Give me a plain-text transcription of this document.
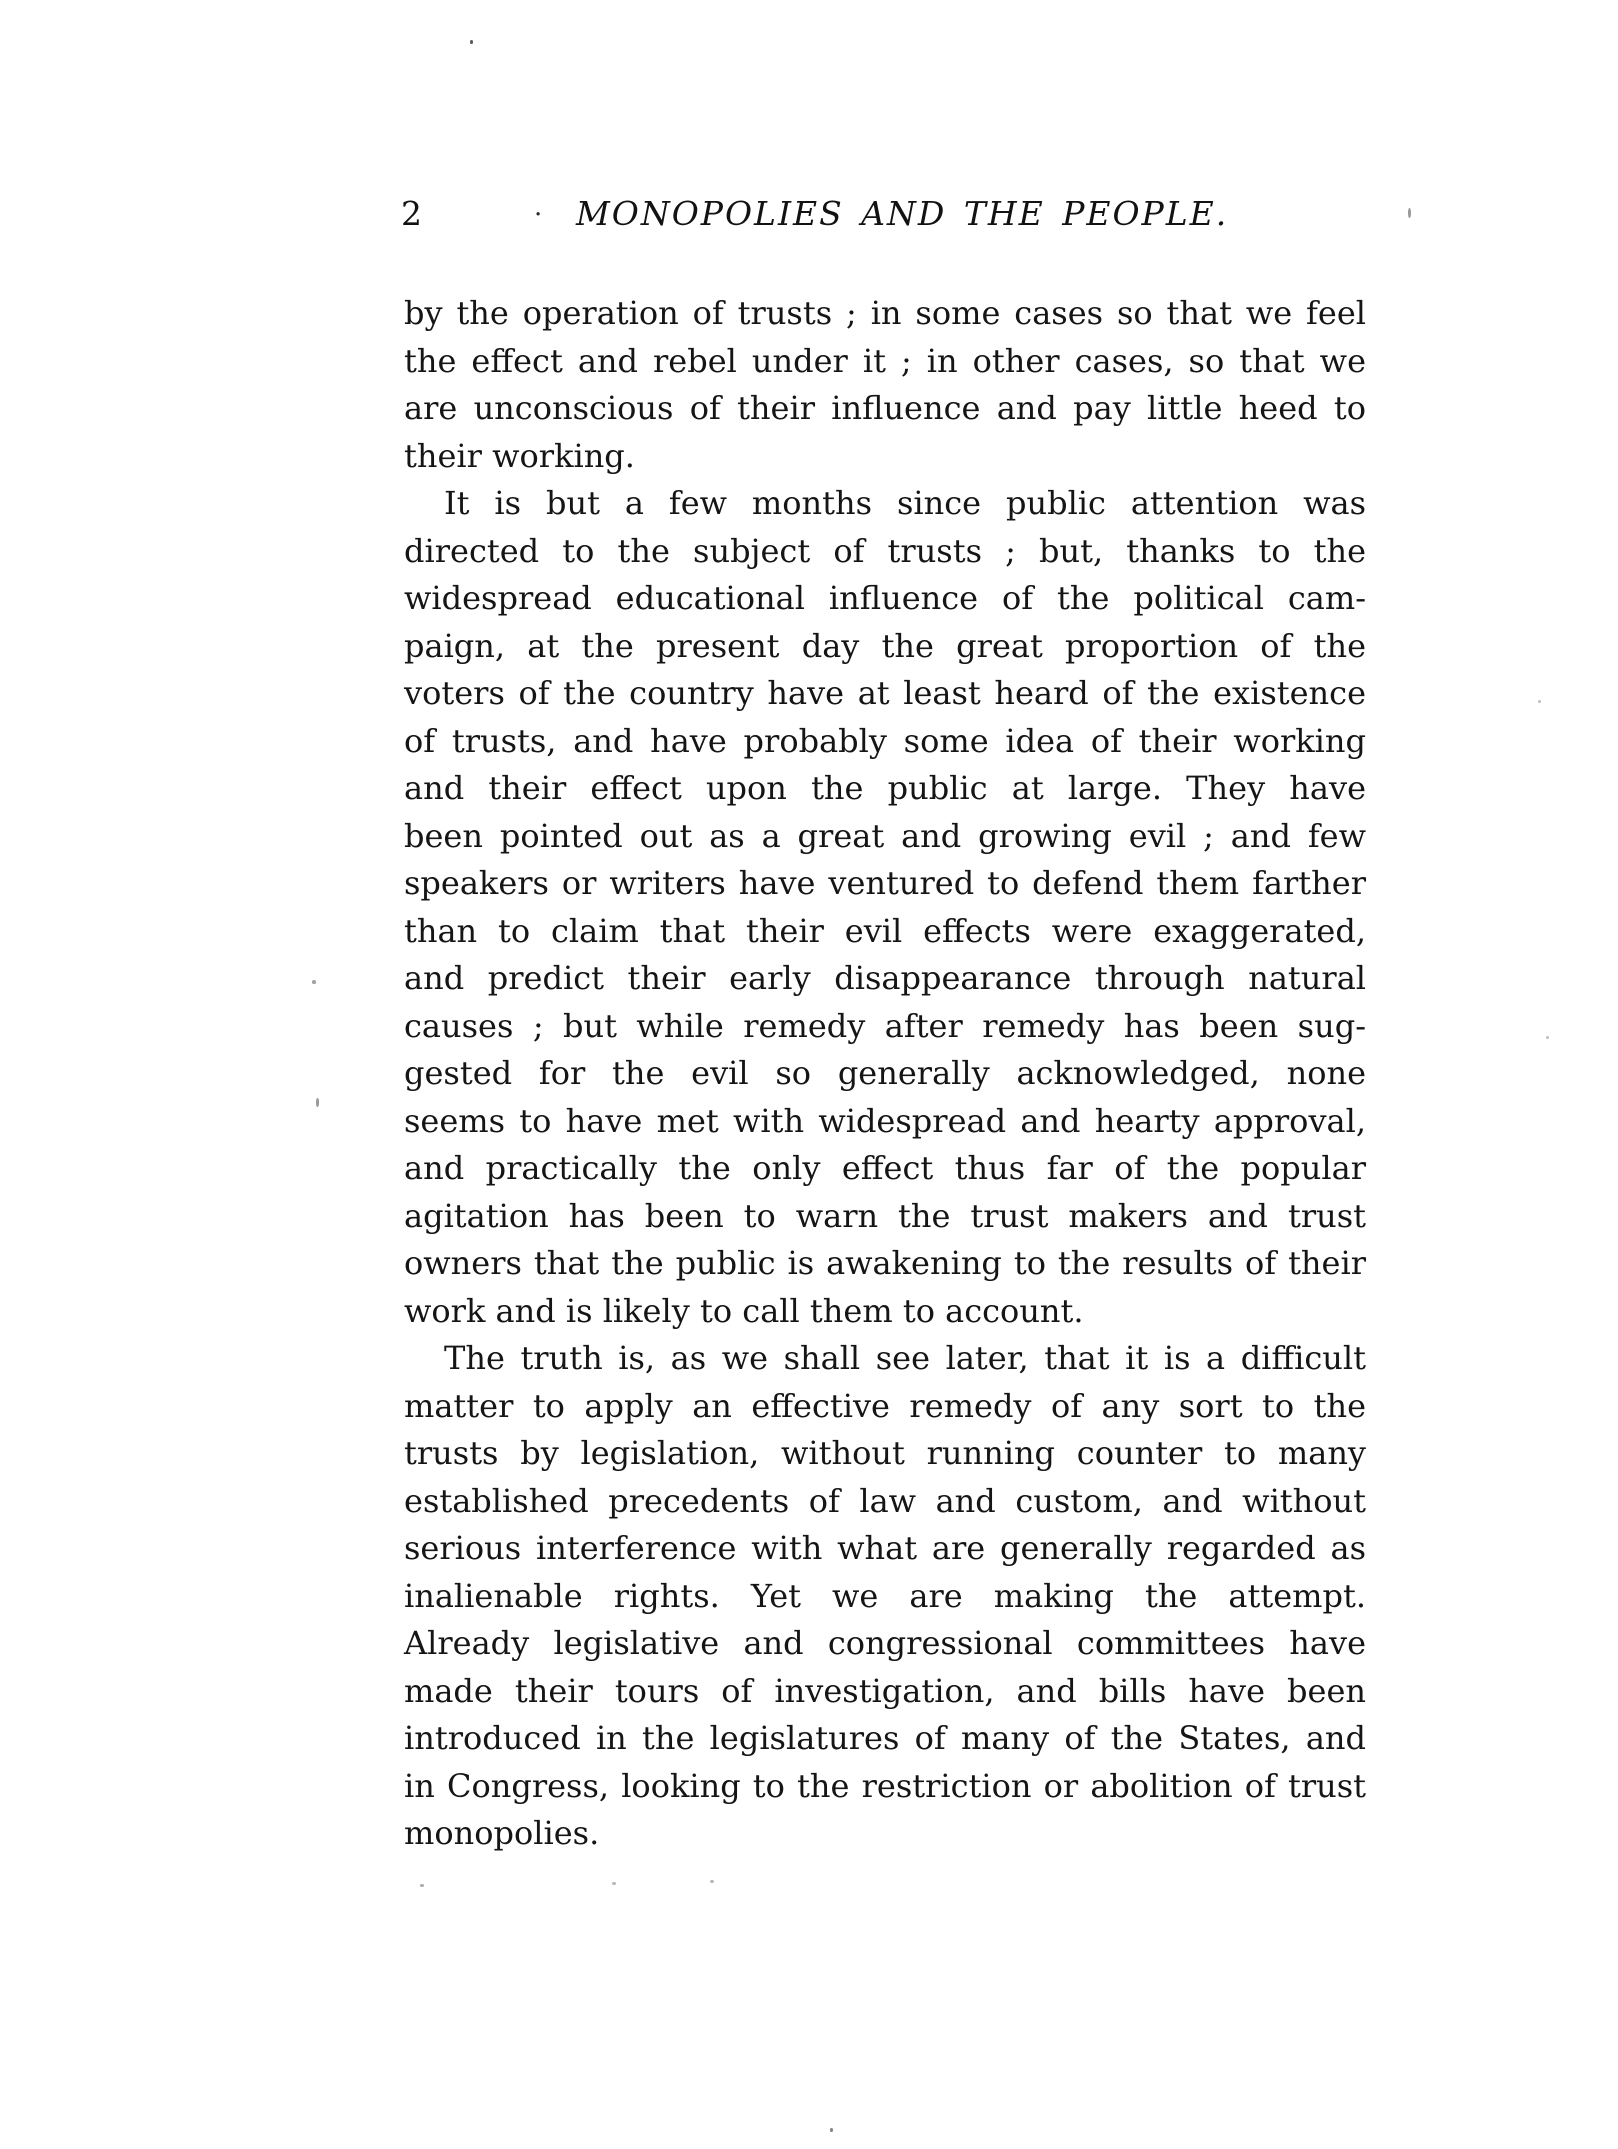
2	· MONOPOLIES AND THE PEOPLE.
by the operation of trusts ; in some cases so that we feel
the effect and rebel under it ; in other cases, so that we
are unconscious of their influence and pay little heed to
their working.
It is but a few months since public attention was
directed to the subject of trusts ; but, thanks to the
widespread educational influence of the political cam-
paign, at the present day the great proportion of the
voters of the country have at least heard of the existence
of trusts, and have probably some idea of their working
and their effect upon the public at large. They have
been pointed out as a great and growing evil ; and few
speakers or writers have ventured to defend them farther
than to claim that their evil effects were exaggerated,
and predict their early disappearance through natural
causes ; but while remedy after remedy has been sug-
gested for the evil so generally acknowledged, none
seems to have met with widespread and hearty approval,
and practically the only effect thus far of the popular
agitation has been to warn the trust makers and trust
owners that the public is awakening to the results of their
work and is likely to call them to account.
The truth is, as we shall see later, that it is a difficult
matter to apply an effective remedy of any sort to the
trusts by legislation, without running counter to many
established precedents of law and custom, and without
serious interference with what are generally regarded as
inalienable rights. Yet we are making the attempt.
Already legislative and congressional committees have
made their tours of investigation, and bills have been
introduced in the legislatures of many of the States, and
in Congress, looking to the restriction or abolition of trust
monopolies.
